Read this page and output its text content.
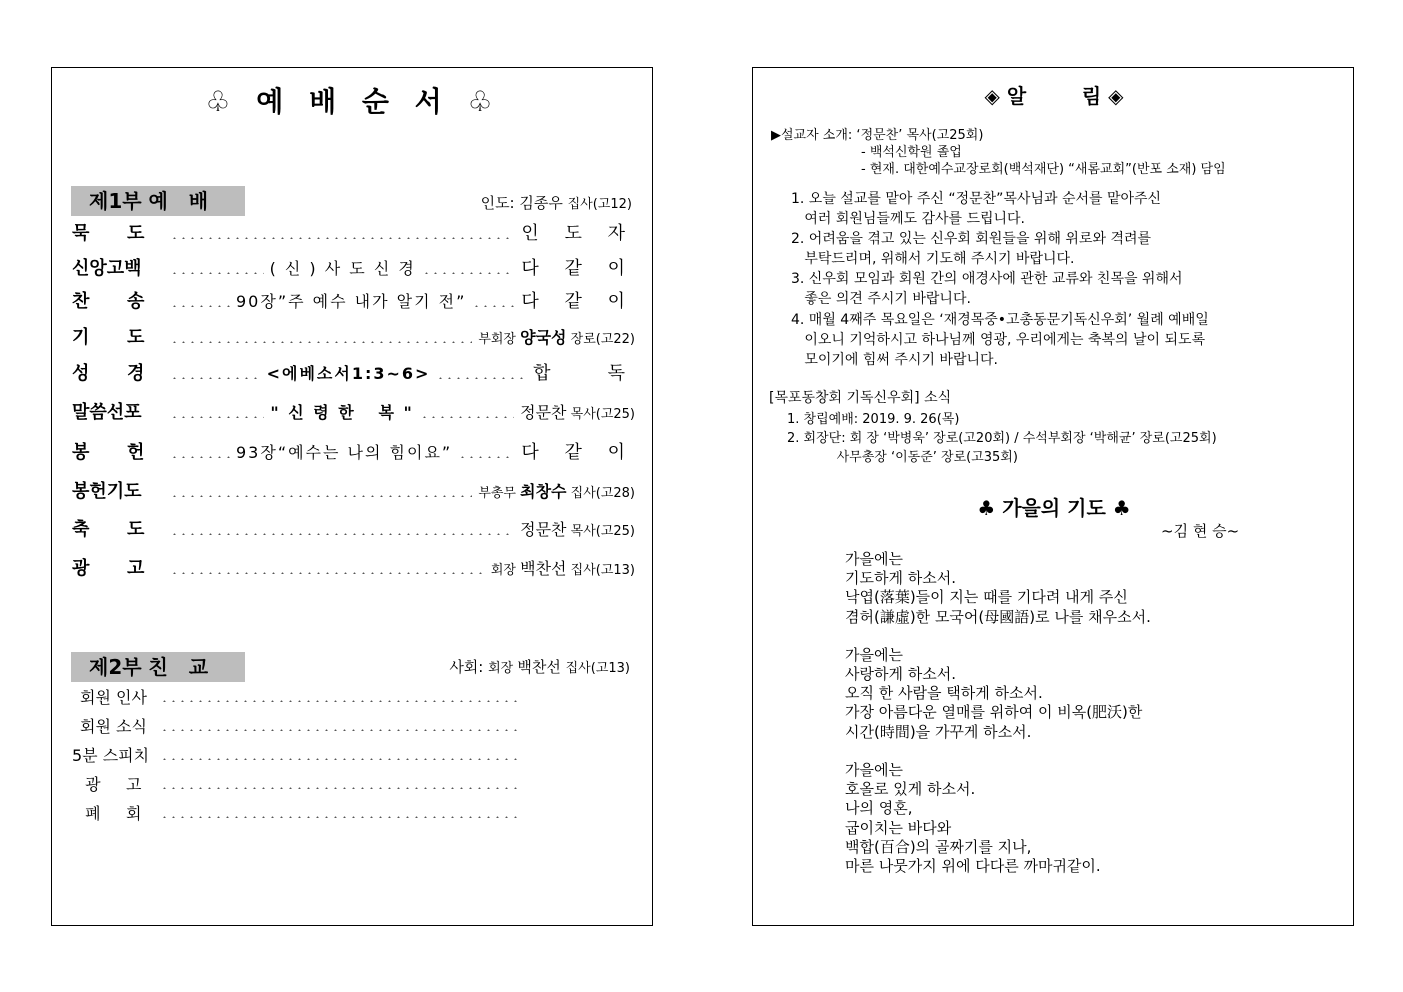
♧ 예 배 순 서 ♧
제1부 예   배	인도: 김종우 집사(고12)
묵      도	인 도 자
신앙고백	( 신 ) 사 도 신 경	다 같 이
찬      송	90장”주 예수 내가 알기 전”	다 같 이
기      도	부회장 양국성 장로(고22)
성      경	<에베소서1:3~6>	합   독
말씀선포	" 신 령 한   복 "	정문찬 목사(고25)
봉      헌	93장“예수는 나의 힘이요”	다 같 이
봉헌기도	부총무 최창수 집사(고28)
축      도	정문찬 목사(고25)
광      고	회장 백찬선 집사(고13)
제2부 친   교	사회: 회장 백찬선 집사(고13)
회원 인사
회원 소식
5분 스피치
광     고
폐     회
◈ 알        림 ◈
▶설교자 소개: ‘정문찬’ 목사(고25회)
- 백석신학원 졸업
- 현재. 대한예수교장로회(백석재단) “새롬교회”(반포 소재) 담임
1. 오늘 설교를 맡아 주신 “정문찬”목사님과 순서를 맡아주신
여러 회원님들께도 감사를 드립니다.
2. 어려움을 겪고 있는 신우회 회원들을 위해 위로와 격려를
부탁드리며, 위해서 기도해 주시기 바랍니다.
3. 신우회 모임과 회원 간의 애경사에 관한 교류와 친목을 위해서
좋은 의견 주시기 바랍니다.
4. 매월 4째주 목요일은 ‘재경목중•고총동문기독신우회’ 월례 예배일
이오니 기억하시고 하나님께 영광, 우리에게는 축복의 날이 되도록
모이기에 힘써 주시기 바랍니다.
[목포동창회 기독신우회] 소식
1. 창립예배: 2019. 9. 26(목)
2. 회장단: 회 장 ‘박병욱’ 장로(고20회) / 수석부회장 ‘박해균’ 장로(고25회)
사무총장 ‘이동준’ 장로(고35회)
♣ 가을의 기도 ♣
~김 현 승~
가을에는
기도하게 하소서.
낙엽(落葉)들이 지는 때를 기다려 내게 주신
겸허(謙虛)한 모국어(母國語)로 나를 채우소서.
가을에는
사랑하게 하소서.
오직 한 사람을 택하게 하소서.
가장 아름다운 열매를 위하여 이 비옥(肥沃)한
시간(時間)을 가꾸게 하소서.
가을에는
호올로 있게 하소서.
나의 영혼,
굽이치는 바다와
백합(百合)의 골짜기를 지나,
마른 나뭇가지 위에 다다른 까마귀같이.
